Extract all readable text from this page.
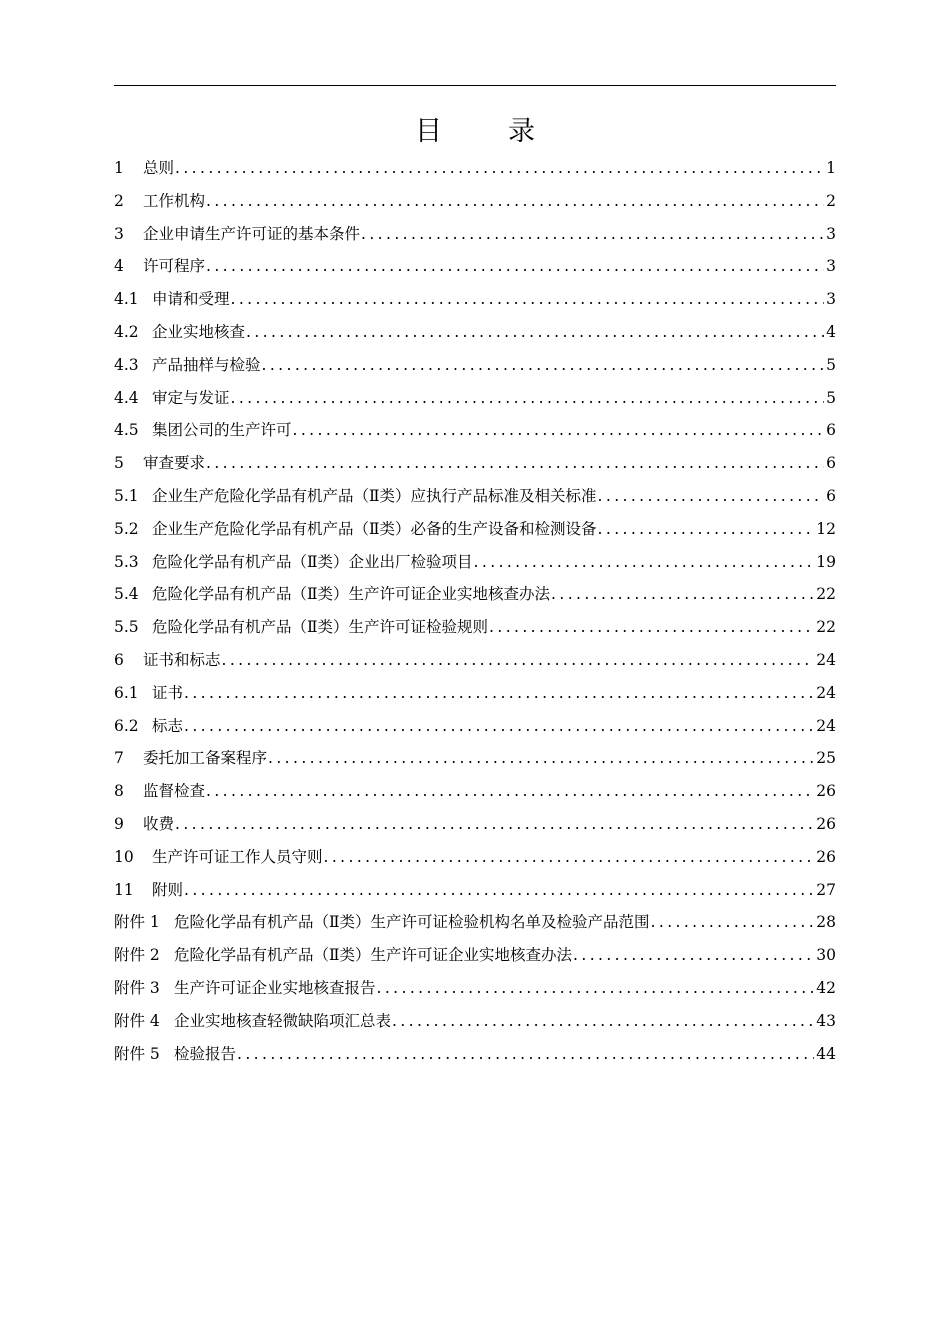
目 录
1	总则 .....	1
2	工作机构 .....	2
3	企业申请生产许可证的基本条件 .....	3
4	许可程序 .....	3
4.1 申请和受理 .....	3
4.2 企业实地核查 .....	4
4.3 产品抽样与检验 .....	5
4.4 审定与发证 .....	5
4.5 集团公司的生产许可 .....	6
5	审查要求 .....	6
5.1 企业生产危险化学品有机产品（Ⅱ类）应执行产品标准及相关标准 .....	6
5.2 企业生产危险化学品有机产品（Ⅱ类）必备的生产设备和检测设备 .....	12
5.3 危险化学品有机产品（Ⅱ类）企业出厂检验项目 .....	19
5.4 危险化学品有机产品（Ⅱ类）生产许可证企业实地核查办法 .....	22
5.5 危险化学品有机产品（Ⅱ类）生产许可证检验规则 .....	22
6	证书和标志 .....	24
6.1 证书 .....	24
6.2 标志 .....	24
7	委托加工备案程序 .....	25
8	监督检查 .....	26
9	收费 .....	26
10	生产许可证工作人员守则 .....	26
11	附则 .....	27
附件 1 危险化学品有机产品（Ⅱ类）生产许可证检验机构名单及检验产品范围 .....	28
附件 2 危险化学品有机产品（Ⅱ类）生产许可证企业实地核查办法 .....	30
附件 3 生产许可证企业实地核查报告 .....	42
附件 4 企业实地核查轻微缺陷项汇总表 .....	43
附件 5 检验报告 .....	44
